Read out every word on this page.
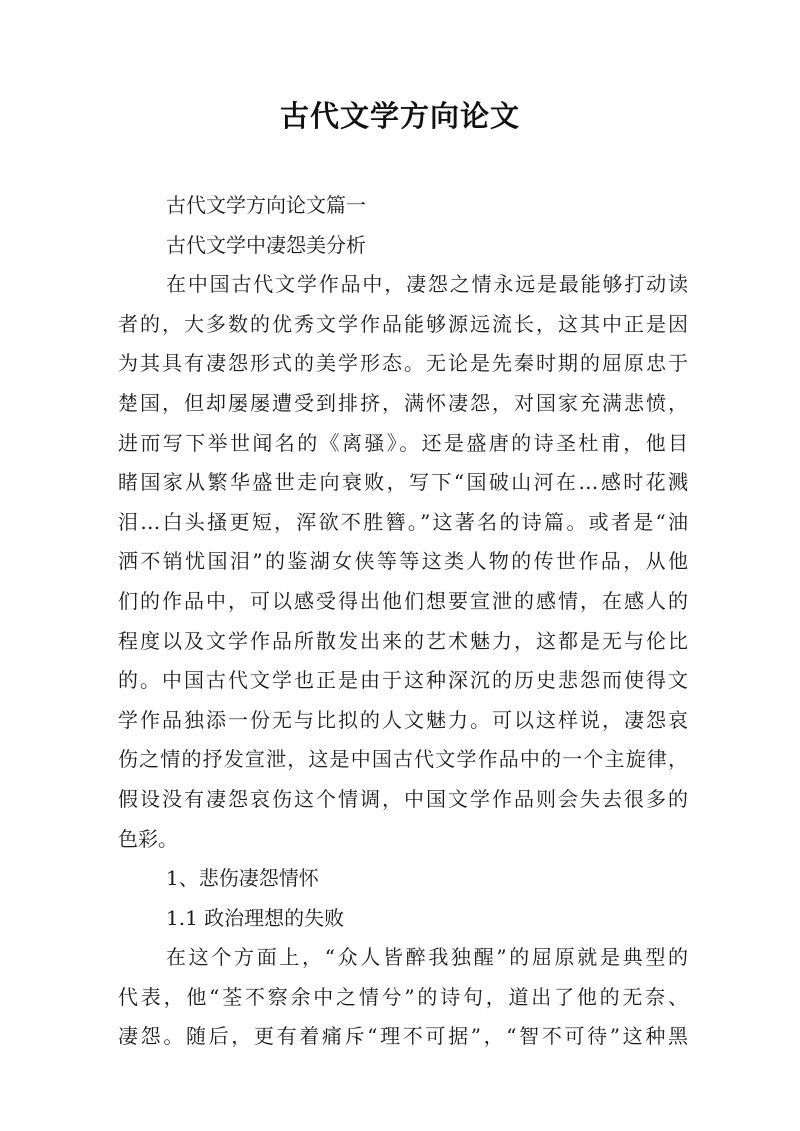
古代文学方向论文
古代文学方向论文篇一
古代文学中凄怨美分析
在中国古代文学作品中，凄怨之情永远是最能够打动读
者的，大多数的优秀文学作品能够源远流长，这其中正是因
为其具有凄怨形式的美学形态。无论是先秦时期的屈原忠于
楚国，但却屡屡遭受到排挤，满怀凄怨，对国家充满悲愤，
进而写下举世闻名的《离骚》。还是盛唐的诗圣杜甫，他目
睹国家从繁华盛世走向衰败，写下“国破山河在…感时花溅
泪…白头搔更短，浑欲不胜簪。”这著名的诗篇。或者是“油
洒不销忧国泪”的鉴湖女侠等等这类人物的传世作品，从他
们的作品中，可以感受得出他们想要宣泄的感情，在感人的
程度以及文学作品所散发出来的艺术魅力，这都是无与伦比
的。中国古代文学也正是由于这种深沉的历史悲怨而使得文
学作品独添一份无与比拟的人文魅力。可以这样说，凄怨哀
伤之情的抒发宣泄，这是中国古代文学作品中的一个主旋律，
假设没有凄怨哀伤这个情调，中国文学作品则会失去很多的
色彩。
1、悲伤凄怨情怀
1.1 政治理想的失败
在这个方面上，“众人皆醉我独醒”的屈原就是典型的
代表，他“荃不察余中之情兮”的诗句，道出了他的无奈、
凄怨。随后，更有着痛斥“理不可据”，“智不可待”这种黑
